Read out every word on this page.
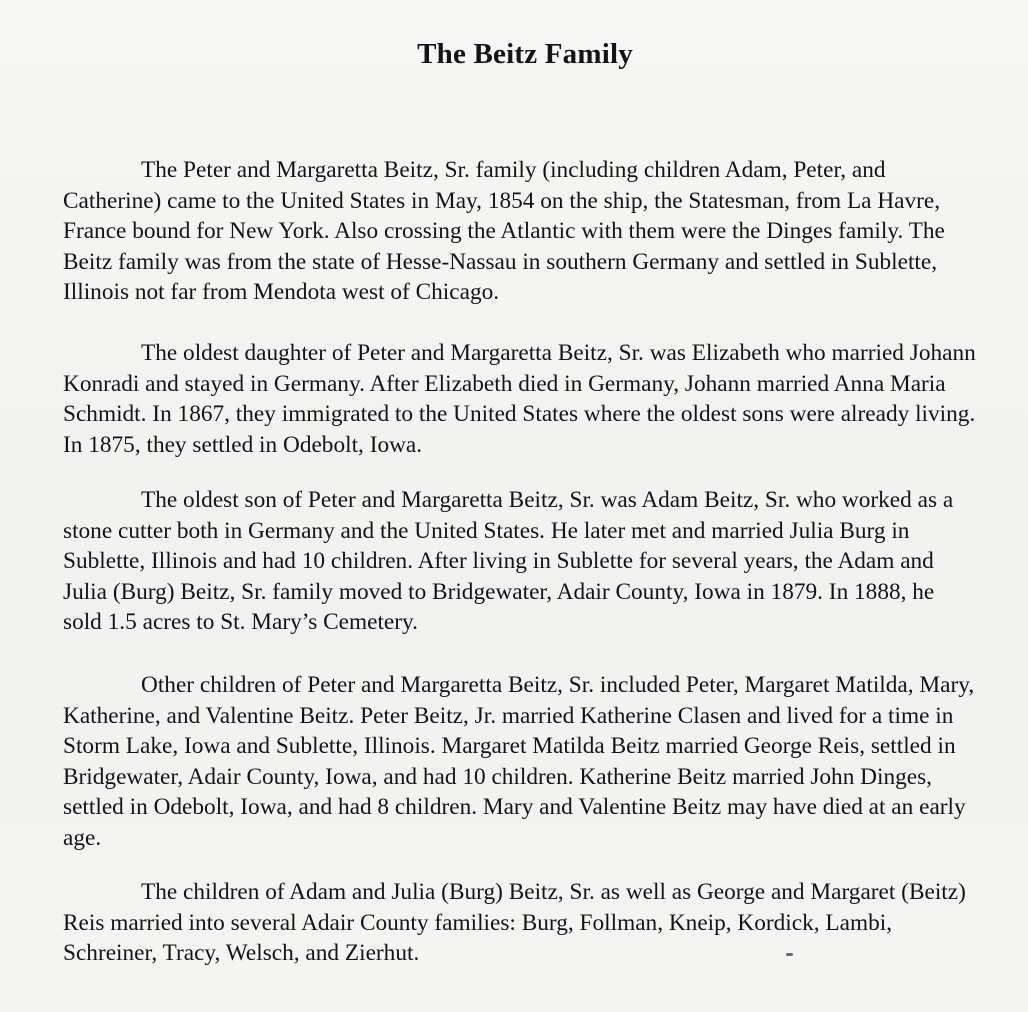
The Beitz Family

The Peter and Margaretta Beitz, Sr. family (including children Adam, Peter, and Catherine) came to the United States in May, 1854 on the ship, the Statesman, from La Havre, France bound for New York. Also crossing the Atlantic with them were the Dinges family. The Beitz family was from the state of Hesse-Nassau in southern Germany and settled in Sublette, Illinois not far from Mendota west of Chicago.

The oldest daughter of Peter and Margaretta Beitz, Sr. was Elizabeth who married Johann Konradi and stayed in Germany. After Elizabeth died in Germany, Johann married Anna Maria Schmidt. In 1867, they immigrated to the United States where the oldest sons were already living. In 1875, they settled in Odebolt, Iowa.

The oldest son of Peter and Margaretta Beitz, Sr. was Adam Beitz, Sr. who worked as a stone cutter both in Germany and the United States. He later met and married Julia Burg in Sublette, Illinois and had 10 children. After living in Sublette for several years, the Adam and Julia (Burg) Beitz, Sr. family moved to Bridgewater, Adair County, Iowa in 1879. In 1888, he sold 1.5 acres to St. Mary’s Cemetery.

Other children of Peter and Margaretta Beitz, Sr. included Peter, Margaret Matilda, Mary, Katherine, and Valentine Beitz. Peter Beitz, Jr. married Katherine Clasen and lived for a time in Storm Lake, Iowa and Sublette, Illinois. Margaret Matilda Beitz married George Reis, settled in Bridgewater, Adair County, Iowa, and had 10 children. Katherine Beitz married John Dinges, settled in Odebolt, Iowa, and had 8 children. Mary and Valentine Beitz may have died at an early age.

The children of Adam and Julia (Burg) Beitz, Sr. as well as George and Margaret (Beitz) Reis married into several Adair County families: Burg, Follman, Kneip, Kordick, Lambi, Schreiner, Tracy, Welsch, and Zierhut.
